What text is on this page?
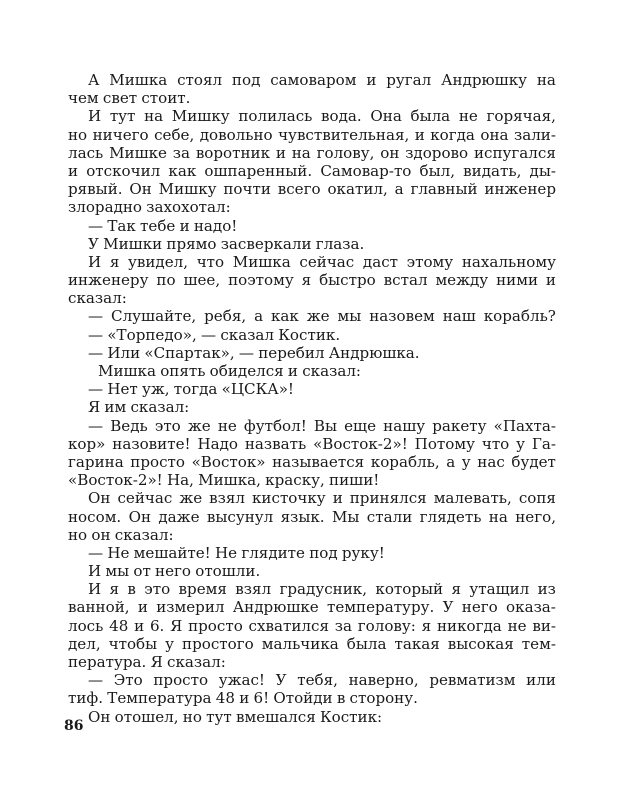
А Мишка стоял под самоваром и ругал Андрюшку на
чем свет стоит.
И тут на Мишку полилась вода. Она была не горячая,
но ничего себе, довольно чувствительная, и когда она зали-
лась Мишке за воротник и на голову, он здорово испугался
и отскочил как ошпаренный. Самовар-то был, видать, ды-
рявый. Он Мишку почти всего окатил, а главный инженер
злорадно захохотал:
— Так тебе и надо!
У Мишки прямо засверкали глаза.
И я увидел, что Мишка сейчас даст этому нахальному
инженеру по шее, поэтому я быстро встал между ними и
сказал:
— Слушайте, ребя, а как же мы назовем наш корабль?
— «Торпедо», — сказал Костик.
— Или «Спартак», — перебил Андрюшка.
Мишка опять обиделся и сказал:
— Нет уж, тогда «ЦСКА»!
Я им сказал:
— Ведь это же не футбол! Вы еще нашу ракету «Пахта-
кор» назовите! Надо назвать «Восток-2»! Потому что у Га-
гарина просто «Восток» называется корабль, а у нас будет
«Восток-2»! На, Мишка, краску, пиши!
Он сейчас же взял кисточку и принялся малевать, сопя
носом. Он даже высунул язык. Мы стали глядеть на него,
но он сказал:
— Не мешайте! Не глядите под руку!
И мы от него отошли.
И я в это время взял градусник, который я утащил из
ванной, и измерил Андрюшке температуру. У него оказа-
лось 48 и 6. Я просто схватился за голову: я никогда не ви-
дел, чтобы у простого мальчика была такая высокая тем-
пература. Я сказал:
— Это просто ужас! У тебя, наверно, ревматизм или
тиф. Температура 48 и 6! Отойди в сторону.
Он отошел, но тут вмешался Костик:
86
